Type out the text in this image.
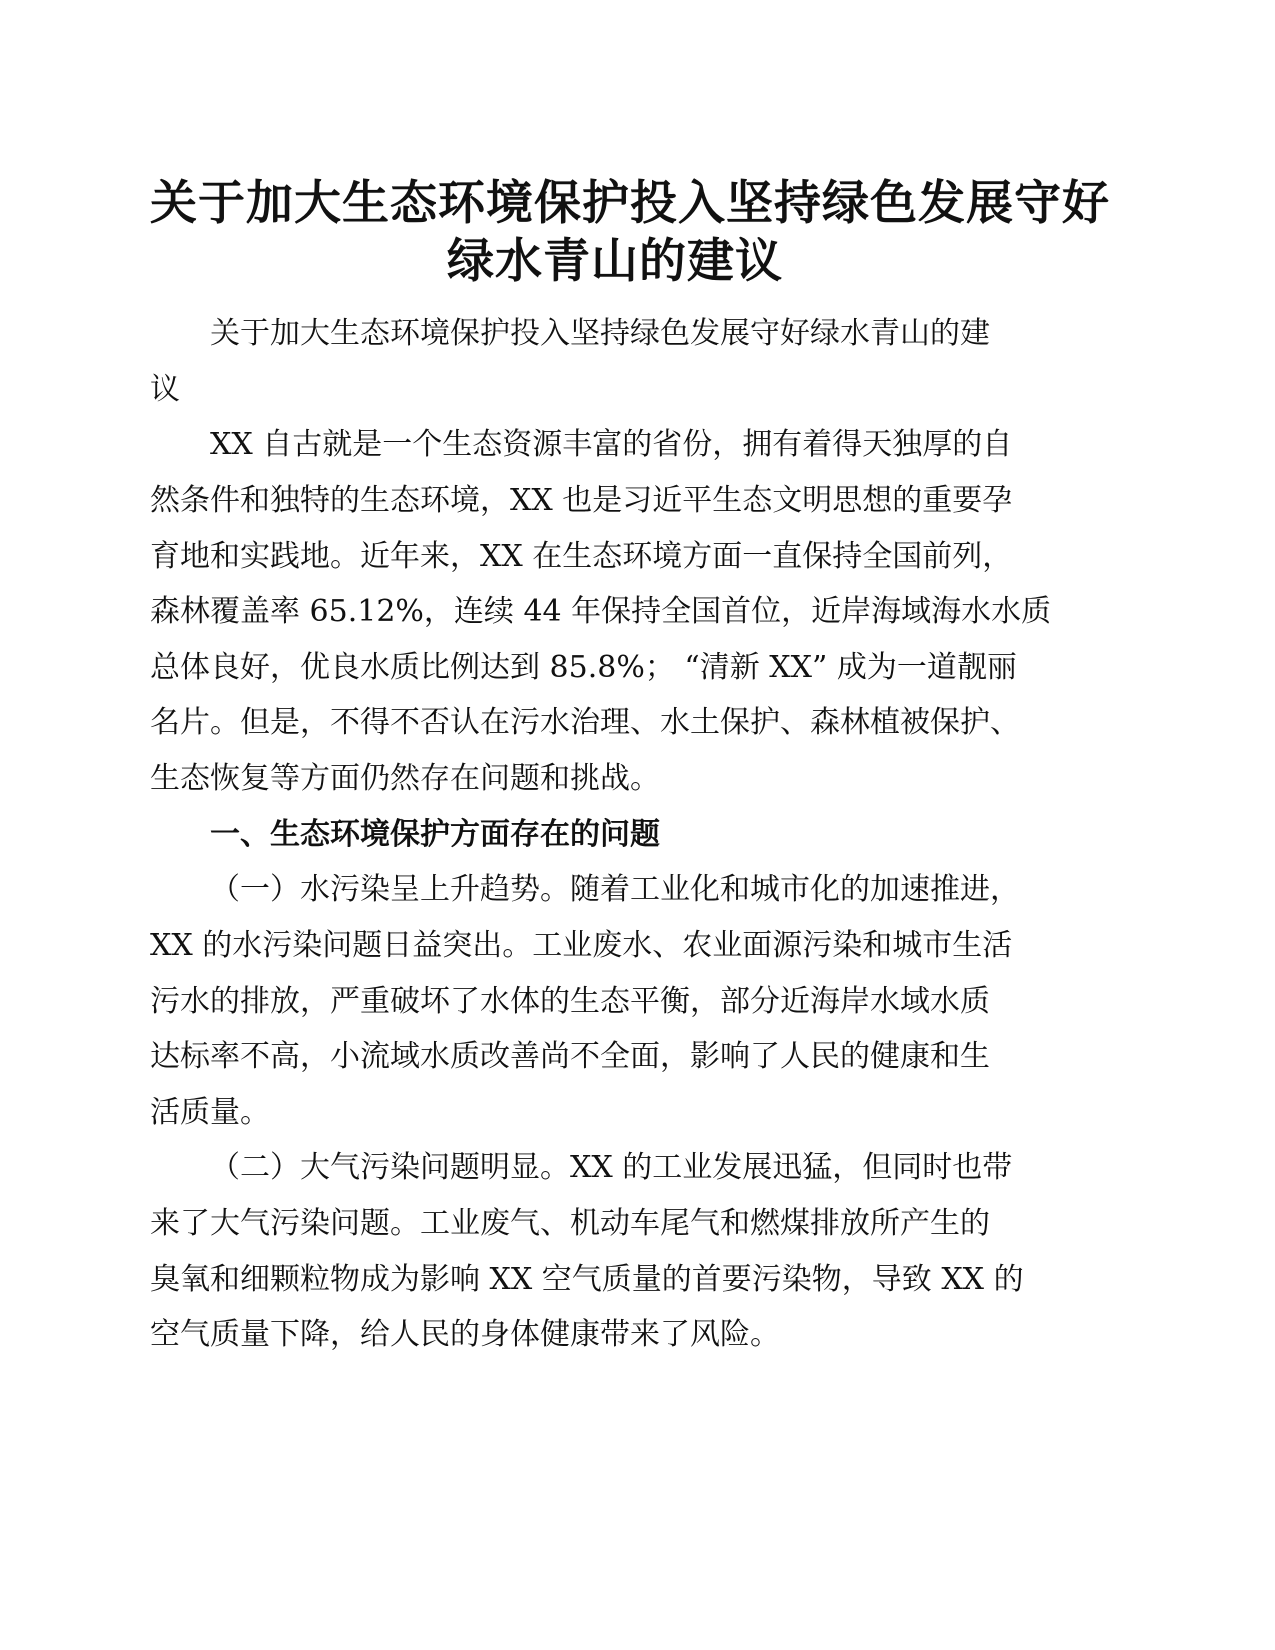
关于加大生态环境保护投入坚持绿色发展守好
绿水青山的建议

关于加大生态环境保护投入坚持绿色发展守好绿水青山的建

议

XX 自古就是一个生态资源丰富的省份，拥有着得天独厚的自

然条件和独特的生态环境，XX 也是习近平生态文明思想的重要孕

育地和实践地。近年来，XX 在生态环境方面一直保持全国前列，

森林覆盖率 65.12%，连续 44 年保持全国首位，近岸海域海水水质

总体良好，优良水质比例达到 85.8%； “清新 XX” 成为一道靓丽

名片。但是，不得不否认在污水治理、水土保护、森林植被保护、

生态恢复等方面仍然存在问题和挑战。

一、生态环境保护方面存在的问题

（一）水污染呈上升趋势。随着工业化和城市化的加速推进，

XX 的水污染问题日益突出。工业废水、农业面源污染和城市生活

污水的排放，严重破坏了水体的生态平衡，部分近海岸水域水质

达标率不高，小流域水质改善尚不全面，影响了人民的健康和生

活质量。

（二）大气污染问题明显。XX 的工业发展迅猛，但同时也带

来了大气污染问题。工业废气、机动车尾气和燃煤排放所产生的

臭氧和细颗粒物成为影响 XX 空气质量的首要污染物，导致 XX 的

空气质量下降，给人民的身体健康带来了风险。
